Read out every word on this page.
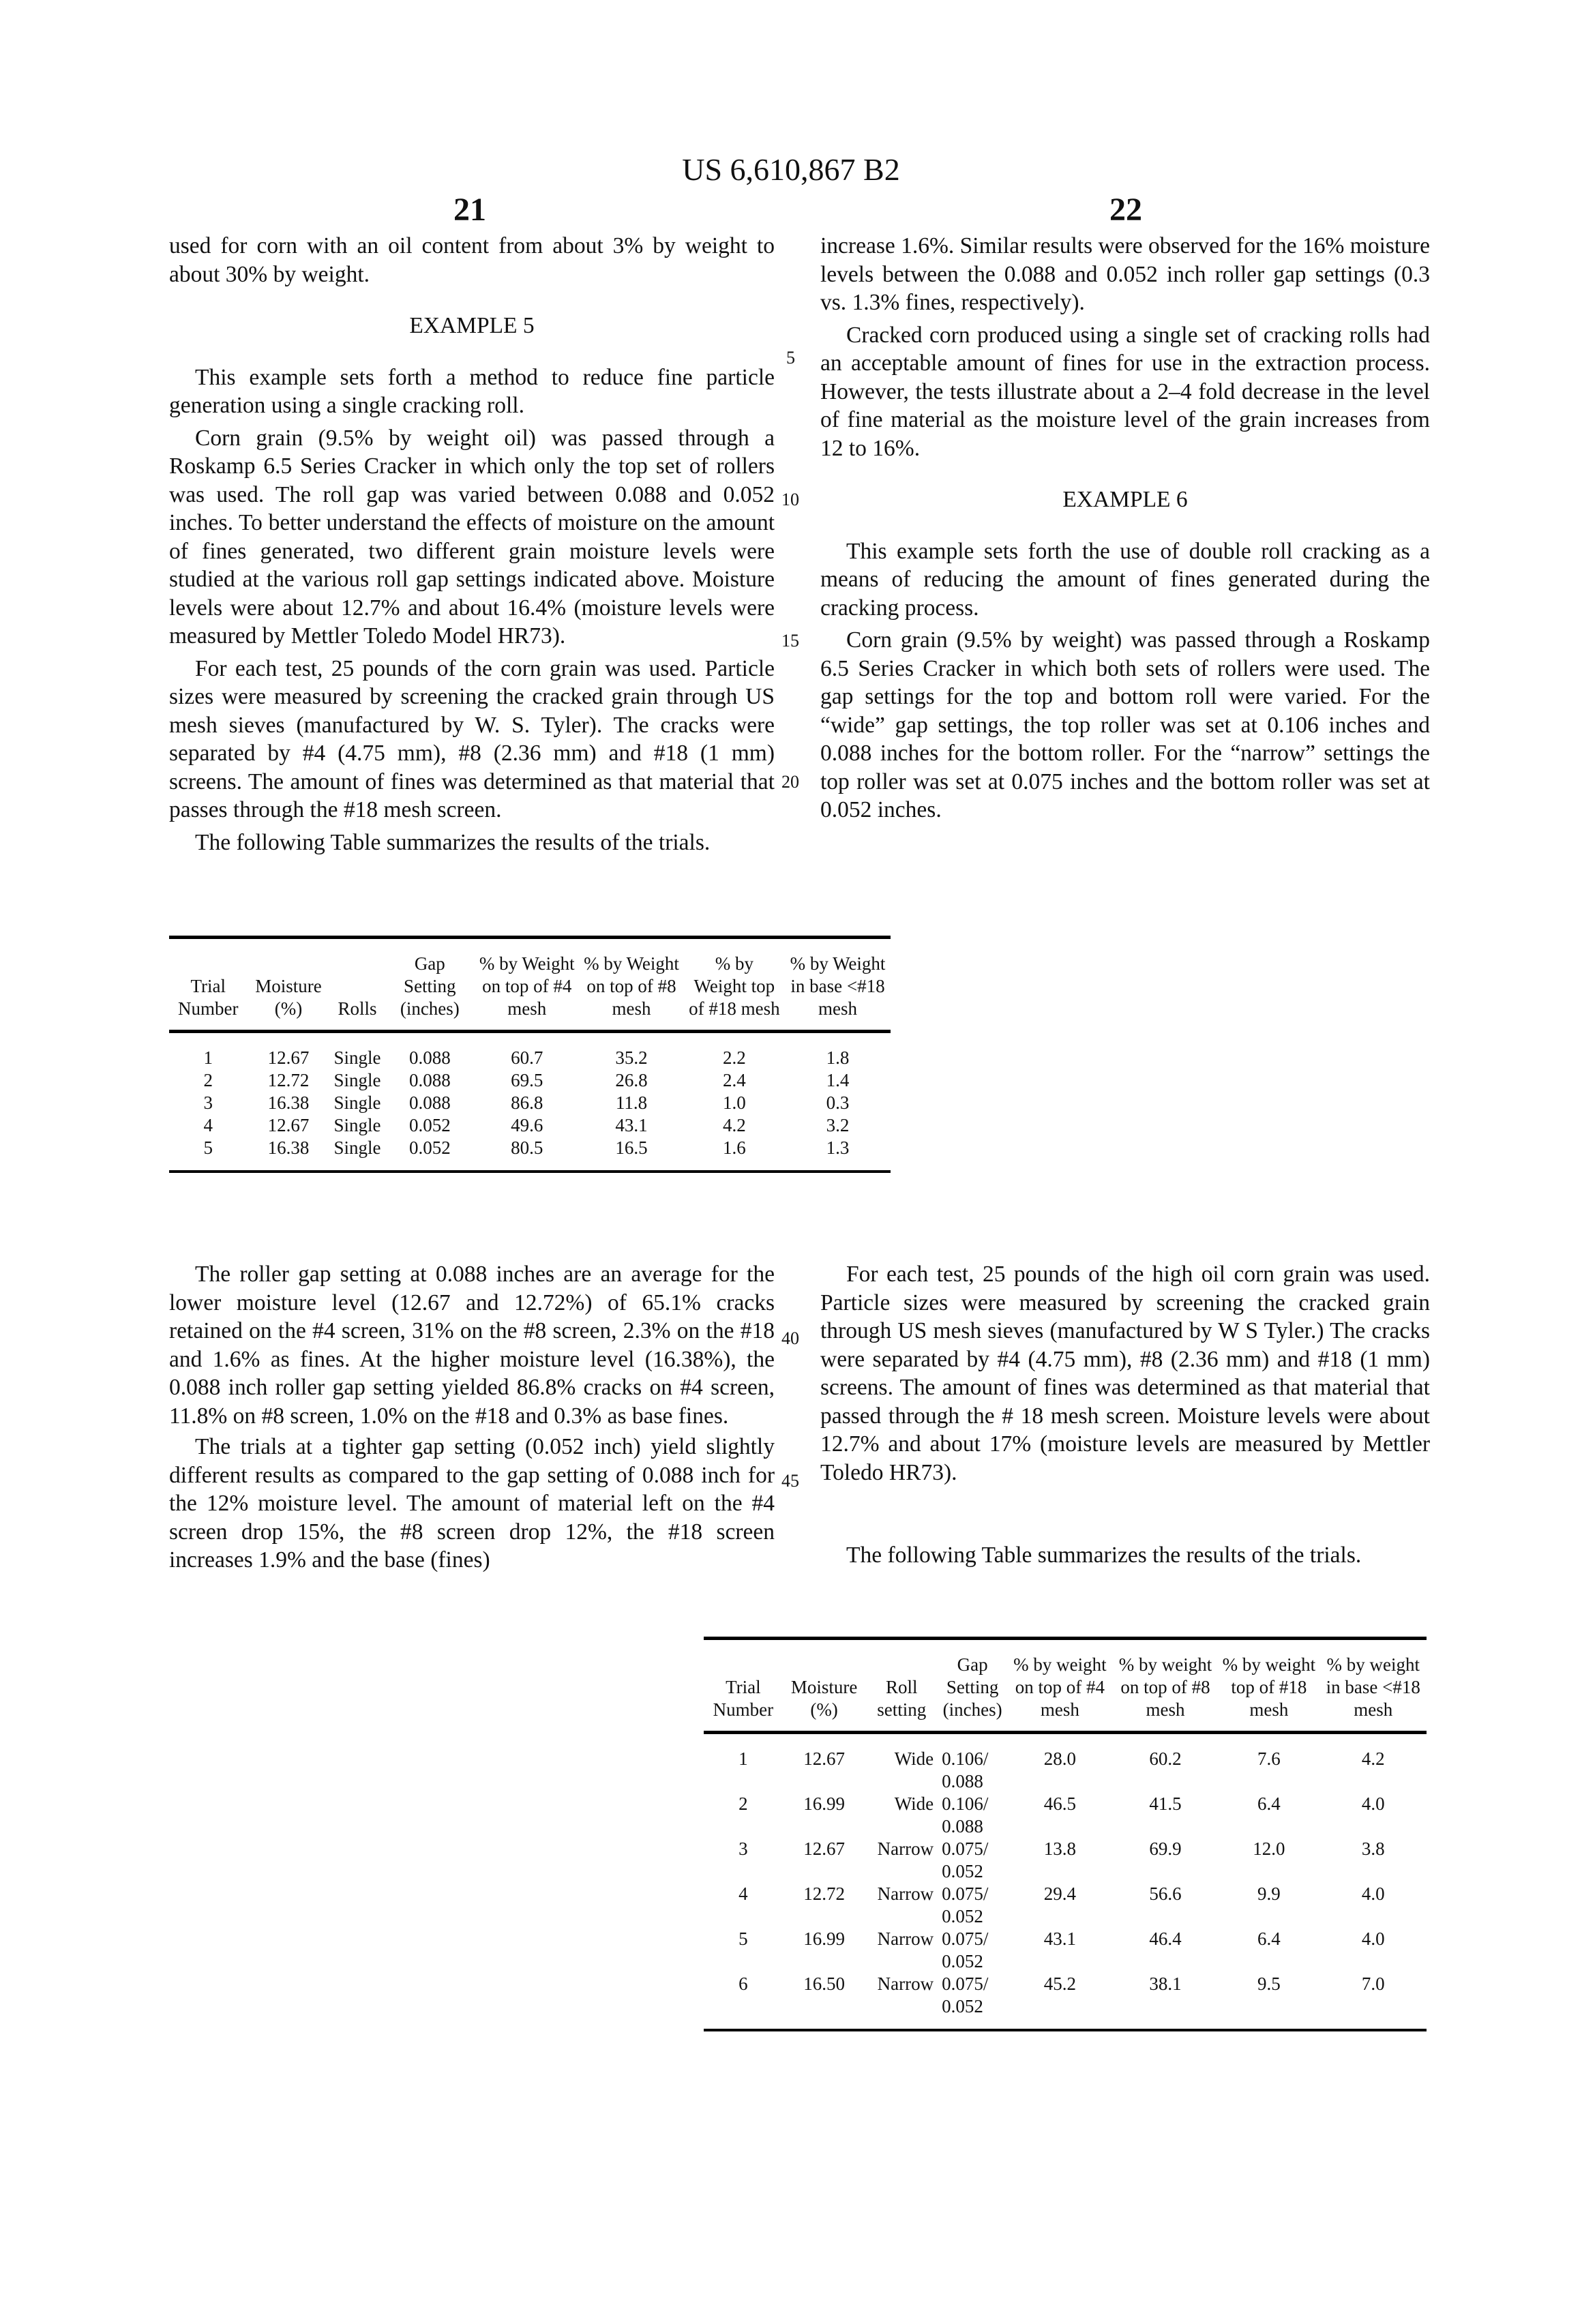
US 6,610,867 B2
21	22

used for corn with an oil content from about 3% by weight to about 30% by weight.

EXAMPLE 5

This example sets forth a method to reduce fine particle generation using a single cracking roll.

Corn grain (9.5% by weight oil) was passed through a Roskamp 6.5 Series Cracker in which only the top set of rollers was used. The roll gap was varied between 0.088 and 0.052 inches. To better understand the effects of moisture on the amount of fines generated, two different grain moisture levels were studied at the various roll gap settings indicated above. Moisture levels were about 12.7% and about 16.4% (moisture levels were measured by Mettler Toledo Model HR73).

For each test, 25 pounds of the corn grain was used. Particle sizes were measured by screening the cracked grain through US mesh sieves (manufactured by W. S. Tyler). The cracks were separated by #4 (4.75 mm), #8 (2.36 mm) and #18 (1 mm) screens. The amount of fines was determined as that material that passes through the #18 mesh screen.

The following Table summarizes the results of the trials.

increase 1.6%. Similar results were observed for the 16% moisture levels between the 0.088 and 0.052 inch roller gap settings (0.3 vs. 1.3% fines, respectively).

Cracked corn produced using a single set of cracking rolls had an acceptable amount of fines for use in the extraction process. However, the tests illustrate about a 2–4 fold decrease in the level of fine material as the moisture level of the grain increases from 12 to 16%.

EXAMPLE 6

This example sets forth the use of double roll cracking as a means of reducing the amount of fines generated during the cracking process.

Corn grain (9.5% by weight) was passed through a Roskamp 6.5 Series Cracker in which both sets of rollers were used. The gap settings for the top and bottom roll were varied. For the “wide” gap settings, the top roller was set at 0.106 inches and 0.088 inches for the bottom roller. For the “narrow” settings the top roller was set at 0.075 inches and the bottom roller was set at 0.052 inches.

5
10
15
20
40
45
Trial Number	Moisture (%)	Rolls	Gap Setting (inches)	% by Weight on top of #4 mesh	% by Weight on top of #8 mesh	% by Weight top of #18 mesh	% by Weight in base <#18 mesh
1	12.67	Single	0.088	60.7	35.2	2.2	1.8
2	12.72	Single	0.088	69.5	26.8	2.4	1.4
3	16.38	Single	0.088	86.8	11.8	1.0	0.3
4	12.67	Single	0.052	49.6	43.1	4.2	3.2
5	16.38	Single	0.052	80.5	16.5	1.6	1.3

The roller gap setting at 0.088 inches are an average for the lower moisture level (12.67 and 12.72%) of 65.1% cracks retained on the #4 screen, 31% on the #8 screen, 2.3% on the #18 and 1.6% as fines. At the higher moisture level (16.38%), the 0.088 inch roller gap setting yielded 86.8% cracks on #4 screen, 11.8% on #8 screen, 1.0% on the #18 and 0.3% as base fines.

The trials at a tighter gap setting (0.052 inch) yield slightly different results as compared to the gap setting of 0.088 inch for the 12% moisture level. The amount of material left on the #4 screen drop 15%, the #8 screen drop 12%, the #18 screen increases 1.9% and the base (fines)

For each test, 25 pounds of the high oil corn grain was used. Particle sizes were measured by screening the cracked grain through US mesh sieves (manufactured by W S Tyler.) The cracks were separated by #4 (4.75 mm), #8 (2.36 mm) and #18 (1 mm) screens. The amount of fines was determined as that material that passed through the # 18 mesh screen. Moisture levels were about 12.7% and about 17% (moisture levels are measured by Mettler Toledo HR73).

The following Table summarizes the results of the trials.

Trial Number	Moisture (%)	Roll setting	Gap Setting (inches)	% by weight on top of #4 mesh	% by weight on top of #8 mesh	% by weight top of #18 mesh	% by weight in base <#18 mesh
1	12.67	Wide	0.106/ 0.088	28.0	60.2	7.6	4.2
2	16.99	Wide	0.106/ 0.088	46.5	41.5	6.4	4.0
3	12.67	Narrow	0.075/ 0.052	13.8	69.9	12.0	3.8
4	12.72	Narrow	0.075/ 0.052	29.4	56.6	9.9	4.0
5	16.99	Narrow	0.075/ 0.052	43.1	46.4	6.4	4.0
6	16.50	Narrow	0.075/ 0.052	45.2	38.1	9.5	7.0
